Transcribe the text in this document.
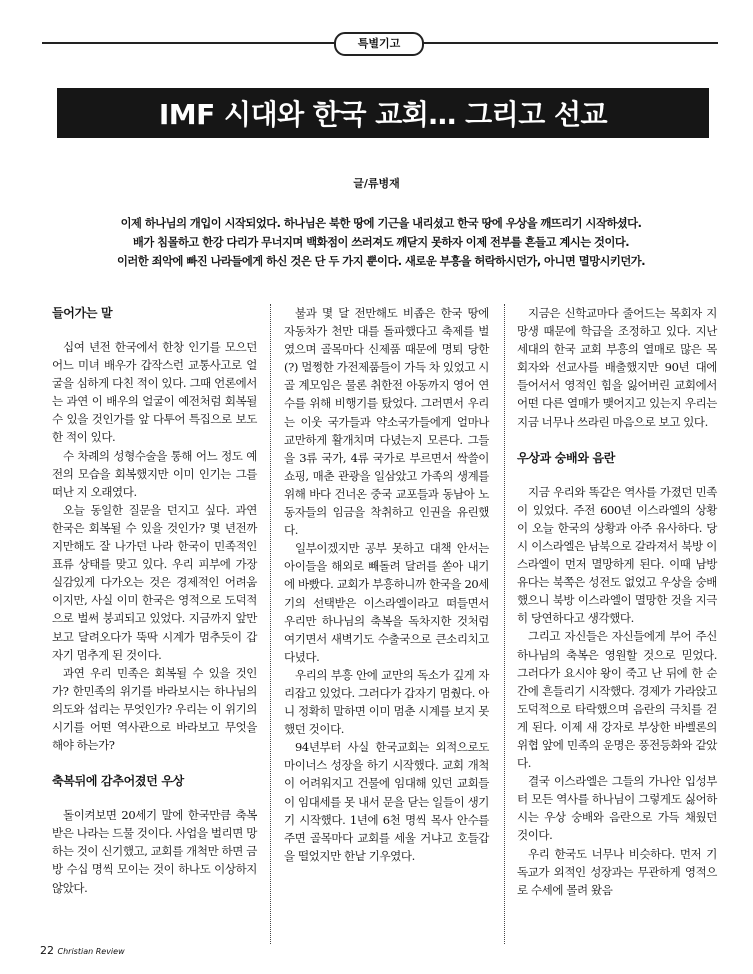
특별기고
IMF 시대와 한국 교회… 그리고 선교
글/류병재

이제 하나님의 개입이 시작되었다. 하나님은 북한 땅에 기근을 내리셨고 한국 땅에 우상을 깨뜨리기 시작하셨다.

배가 침몰하고 한강 다리가 무너지며 백화점이 쓰러져도 깨닫지 못하자 이제 전부를 흔들고 계시는 것이다.

이러한 죄악에 빠진 나라들에게 하신 것은 단 두 가지 뿐이다. 새로운 부흥을 허락하시던가, 아니면 멸망시키던가.

들어가는 말

십여 년전 한국에서 한창 인기를 모으던 어느 미녀 배우가 갑작스런 교통사고로 얼굴을 심하게 다친 적이 있다. 그때 언론에서는 과연 이 배우의 얼굴이 예전처럼 회복될 수 있을 것인가를 앞 다투어 특집으로 보도한 적이 있다.

수 차례의 성형수술을 통해 어느 정도 예전의 모습을 회복했지만 이미 인기는 그를 떠난 지 오래였다.

오늘 동일한 질문을 던지고 싶다. 과연 한국은 회복될 수 있을 것인가? 몇 년전까지만해도 잘 나가던 나라 한국이 민족적인 표류 상태를 맞고 있다. 우리 피부에 가장 실감있게 다가오는 것은 경제적인 어려움이지만, 사실 이미 한국은 영적으로 도덕적으로 벌써 붕괴되고 있었다. 지금까지 앞만 보고 달려오다가 뚝딱 시계가 멈추듯이 갑자기 멈추게 된 것이다.

과연 우리 민족은 회복될 수 있을 것인가? 한민족의 위기를 바라보시는 하나님의 의도와 섭리는 무엇인가? 우리는 이 위기의 시기를 어떤 역사관으로 바라보고 무엇을 해야 하는가?

축복뒤에 감추어졌던 우상

돌이켜보면 20세기 말에 한국만큼 축복 받은 나라는 드물 것이다. 사업을 벌리면 망하는 것이 신기했고, 교회를 개척만 하면 금방 수십 명씩 모이는 것이 하나도 이상하지 않았다.

불과 몇 달 전만해도 비좁은 한국 땅에 자동차가 천만 대를 돌파했다고 축제를 벌였으며 골목마다 신제품 때문에 명퇴 당한(?) 멀쩡한 가전제품들이 가득 차 있었고 시골 계모임은 물론 취한전 아동까지 영어 연수를 위해 비행기를 탔었다. 그러면서 우리는 이웃 국가들과 약소국가들에게 얼마나 교만하게 활개치며 다녔는지 모른다. 그들을 3류 국가, 4류 국가로 부르면서 싹쓸이 쇼핑, 매춘 관광을 일삼았고 가족의 생계를 위해 바다 건너온 중국 교포들과 동남아 노동자들의 임금을 착취하고 인권을 유린했다.

일부이겠지만 공부 못하고 대책 안서는 아이들을 해외로 빼돌려 달러를 쏟아 내기에 바빴다. 교회가 부흥하니까 한국을 20세기의 선택받은 이스라엘이라고 떠들면서 우리만 하나님의 축복을 독차지한 것처럼 여기면서 새벽기도 수출국으로 큰소리치고 다녔다.

우리의 부흥 안에 교만의 독소가 깊게 자리잡고 있었다. 그러다가 갑자기 멈췄다. 아니 정확히 말하면 이미 멈춘 시계를 보지 못했던 것이다.

94년부터 사실 한국교회는 외적으로도 마이너스 성장을 하기 시작했다. 교회 개척이 어려워지고 건물에 임대해 있던 교회들이 임대세를 못 내서 문을 닫는 일들이 생기기 시작했다. 1년에 6천 명씩 목사 안수를 주면 골목마다 교회를 세울 거냐고 호들갑을 떨었지만 한낱 기우였다.

지금은 신학교마다 줄어드는 목회자 지망생 때문에 학급을 조정하고 있다. 지난 세대의 한국 교회 부흥의 열매로 많은 목회자와 선교사를 배출했지만 90년 대에 들어서서 영적인 힘을 잃어버린 교회에서 어떤 다른 열매가 맺어지고 있는지 우리는 지금 너무나 쓰라린 마음으로 보고 있다.

우상과 숭배와 음란

지금 우리와 똑같은 역사를 가졌던 민족이 있었다. 주전 600년 이스라엘의 상황이 오늘 한국의 상황과 아주 유사하다. 당시 이스라엘은 남북으로 갈라져서 북방 이스라엘이 먼저 멸망하게 된다. 이때 남방 유다는 북쪽은 성전도 없었고 우상을 숭배했으니 북방 이스라엘이 멸망한 것을 지극히 당연하다고 생각했다.

그리고 자신들은 자신들에게 부어 주신 하나님의 축복은 영원할 것으로 믿었다. 그러다가 요시야 왕이 죽고 난 뒤에 한 순간에 흔들리기 시작했다. 경제가 가라앉고 도덕적으로 타락했으며 음란의 극치를 걷게 된다. 이제 새 강자로 부상한 바벨론의 위협 앞에 민족의 운명은 풍전등화와 같았다.

결국 이스라엘은 그들의 가나안 입성부터 모든 역사를 하나님이 그렇게도 싫어하시는 우상 숭배와 음란으로 가득 채웠던 것이다.

우리 한국도 너무나 비슷하다. 먼저 기독교가 외적인 성장과는 무관하게 영적으로 수세에 몰려 왔음

22 Christian Review
